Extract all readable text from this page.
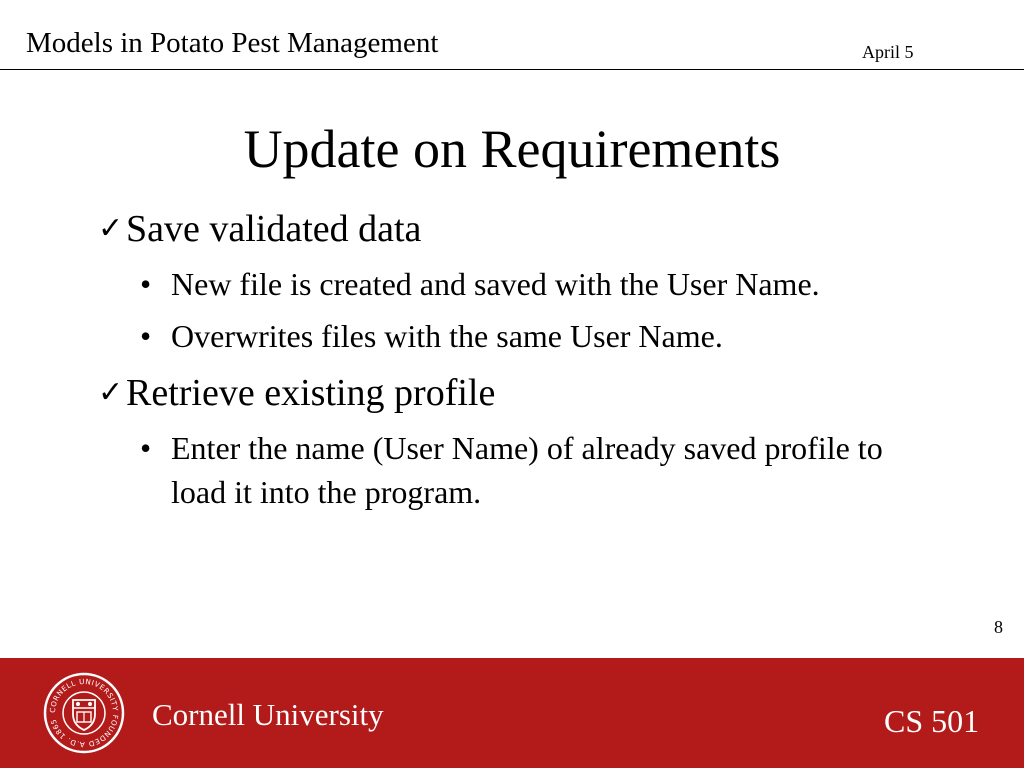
Models in Potato Pest Management	April 5
Update on Requirements
✓ Save validated data
• New file is created and saved with the User Name.
• Overwrites files with the same User Name.
✓ Retrieve existing profile
• Enter the name (User Name) of already saved profile to load it into the program.
8
CORNELL UNIVERSITY FOUNDED A.D. 1865	Cornell University	CS 501
